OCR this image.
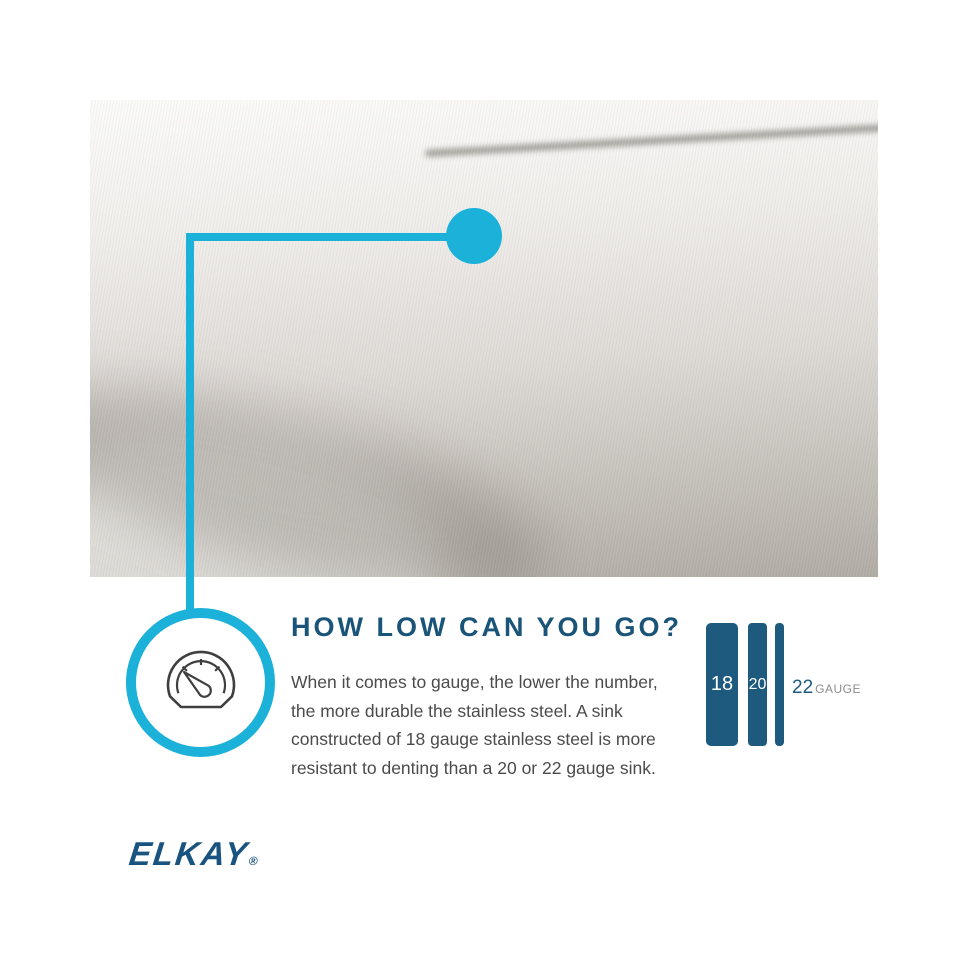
HOW LOW CAN YOU GO?
When it comes to gauge, the lower the number,
the more durable the stainless steel. A sink
constructed of 18 gauge stainless steel is more
resistant to denting than a 20 or 22 gauge sink.
18 20 22 GAUGE
ELKAY®
